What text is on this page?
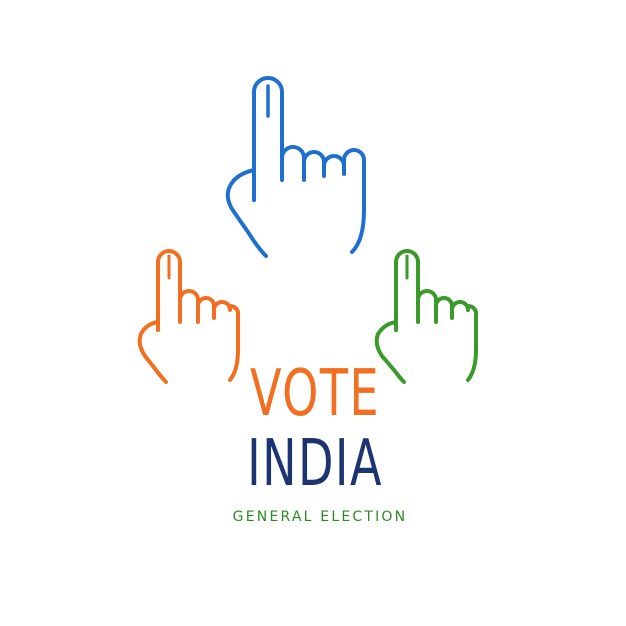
VOTE
INDIA

GENERAL ELECTION
